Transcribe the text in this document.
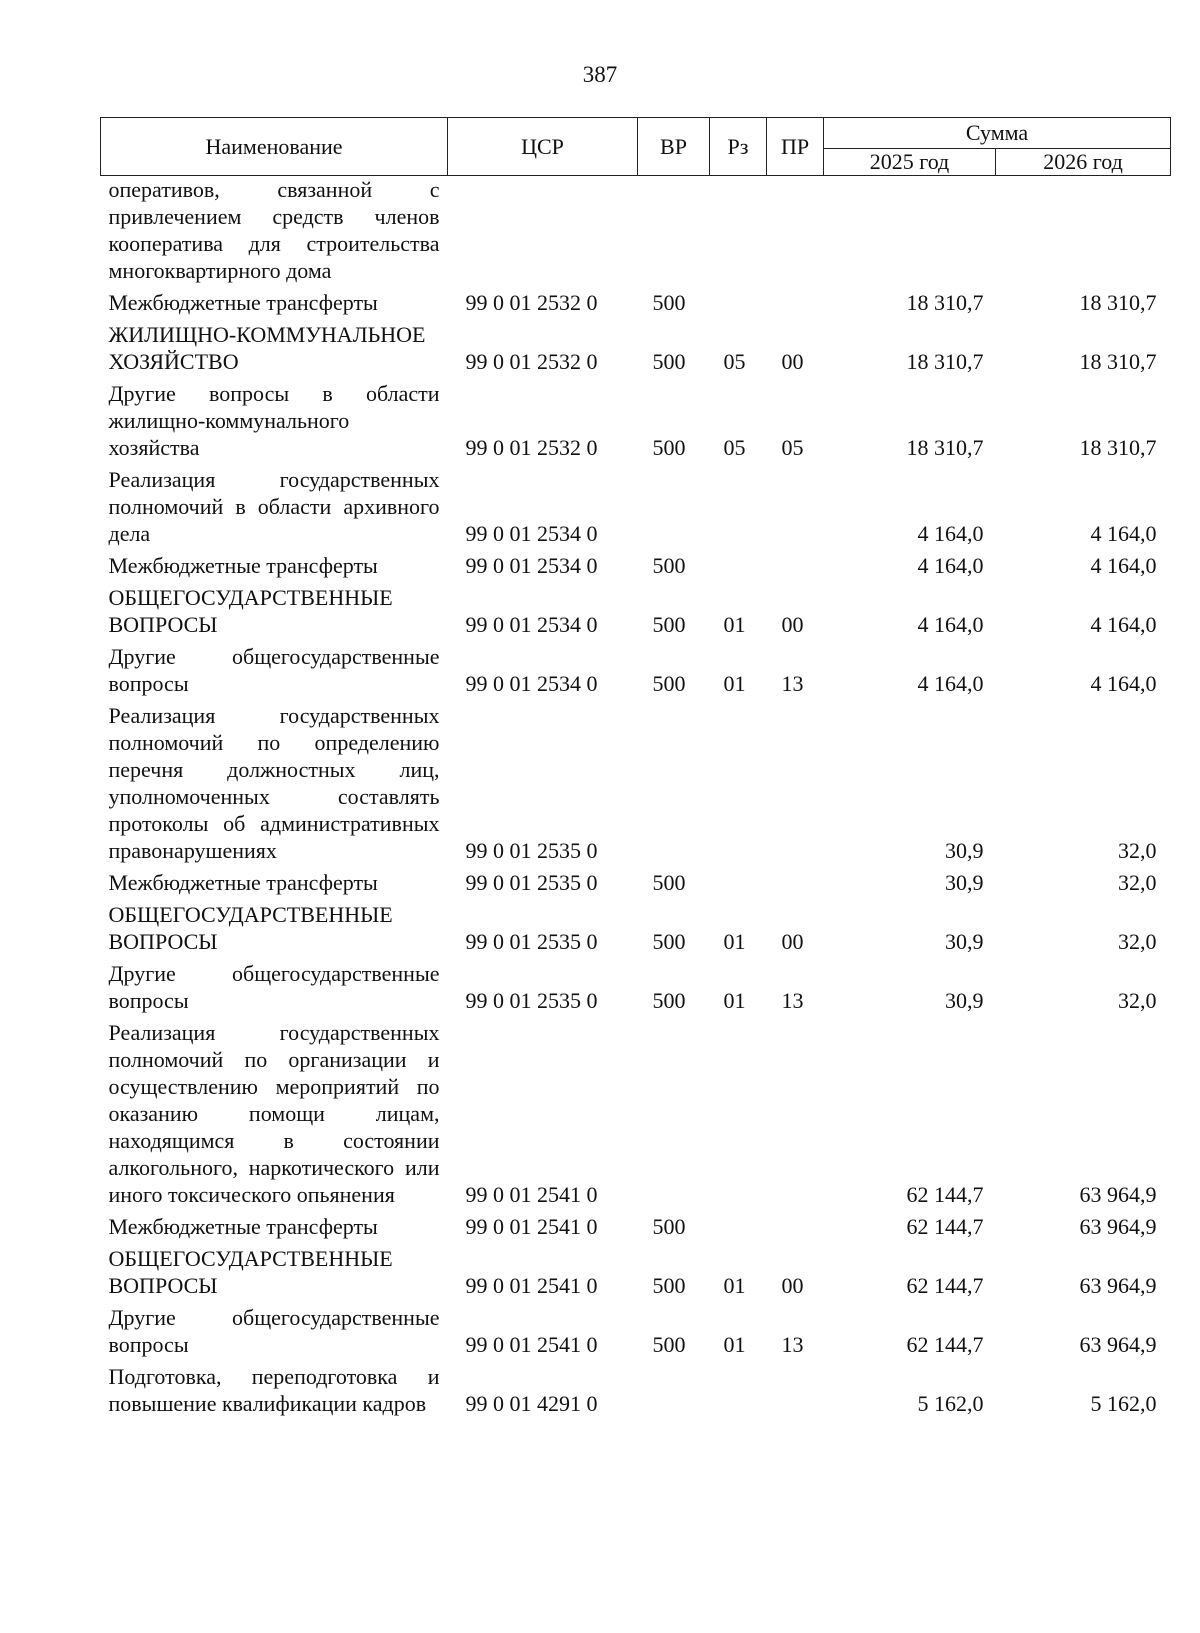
387
Наименование	ЦСР	ВР	Рз	ПР	Сумма	
					2025 год	2026 год
оперативов, связанной с привлечением средств членов кооператива для строительства многоквартирного дома						
Межбюджетные трансферты	99 0 01 2532 0	500			18 310,7	18 310,7
ЖИЛИЩНО-КОММУНАЛЬНОЕ ХОЗЯЙСТВО	99 0 01 2532 0	500	05	00	18 310,7	18 310,7
Другие вопросы в области жилищно-коммунального хозяйства	99 0 01 2532 0	500	05	05	18 310,7	18 310,7
Реализация государственных полномочий в области архивного дела	99 0 01 2534 0				4 164,0	4 164,0
Межбюджетные трансферты	99 0 01 2534 0	500			4 164,0	4 164,0
ОБЩЕГОСУДАРСТВЕННЫЕ ВОПРОСЫ	99 0 01 2534 0	500	01	00	4 164,0	4 164,0
Другие общегосударственные вопросы	99 0 01 2534 0	500	01	13	4 164,0	4 164,0
Реализация государственных полномочий по определению перечня должностных лиц, уполномоченных составлять протоколы об административных правонарушениях	99 0 01 2535 0				30,9	32,0
Межбюджетные трансферты	99 0 01 2535 0	500			30,9	32,0
ОБЩЕГОСУДАРСТВЕННЫЕ ВОПРОСЫ	99 0 01 2535 0	500	01	00	30,9	32,0
Другие общегосударственные вопросы	99 0 01 2535 0	500	01	13	30,9	32,0
Реализация государственных полномочий по организации и осуществлению мероприятий по оказанию помощи лицам, находящимся в состоянии алкогольного, наркотического или иного токсического опьянения	99 0 01 2541 0				62 144,7	63 964,9
Межбюджетные трансферты	99 0 01 2541 0	500			62 144,7	63 964,9
ОБЩЕГОСУДАРСТВЕННЫЕ ВОПРОСЫ	99 0 01 2541 0	500	01	00	62 144,7	63 964,9
Другие общегосударственные вопросы	99 0 01 2541 0	500	01	13	62 144,7	63 964,9
Подготовка, переподготовка и повышение квалификации кадров	99 0 01 4291 0				5 162,0	5 162,0
